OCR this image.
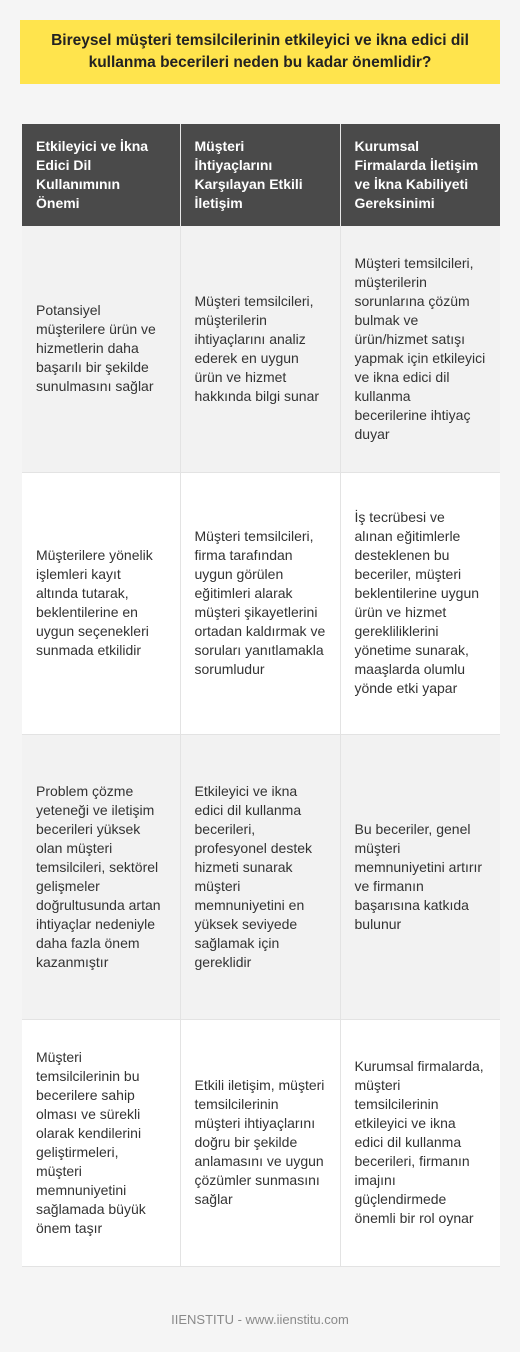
Bireysel müşteri temsilcilerinin etkileyici ve ikna edici dil kullanma becerileri neden bu kadar önemlidir?
Etkileyici ve İkna Edici Dil Kullanımının Önemi	Müşteri İhtiyaçlarını Karşılayan Etkili İletişim	Kurumsal Firmalarda İletişim ve İkna Kabiliyeti Gereksinimi
Potansiyel müşterilere ürün ve hizmetlerin daha başarılı bir şekilde sunulmasını sağlar	Müşteri temsilcileri, müşterilerin ihtiyaçlarını analiz ederek en uygun ürün ve hizmet hakkında bilgi sunar	Müşteri temsilcileri, müşterilerin sorunlarına çözüm bulmak ve ürün/hizmet satışı yapmak için etkileyici ve ikna edici dil kullanma becerilerine ihtiyaç duyar
Müşterilere yönelik işlemleri kayıt altında tutarak, beklentilerine en uygun seçenekleri sunmada etkilidir	Müşteri temsilcileri, firma tarafından uygun görülen eğitimleri alarak müşteri şikayetlerini ortadan kaldırmak ve soruları yanıtlamakla sorumludur	İş tecrübesi ve alınan eğitimlerle desteklenen bu beceriler, müşteri beklentilerine uygun ürün ve hizmet gerekliliklerini yönetime sunarak, maaşlarda olumlu yönde etki yapar
Problem çözme yeteneği ve iletişim becerileri yüksek olan müşteri temsilcileri, sektörel gelişmeler doğrultusunda artan ihtiyaçlar nedeniyle daha fazla önem kazanmıştır	Etkileyici ve ikna edici dil kullanma becerileri, profesyonel destek hizmeti sunarak müşteri memnuniyetini en yüksek seviyede sağlamak için gereklidir	Bu beceriler, genel müşteri memnuniyetini artırır ve firmanın başarısına katkıda bulunur
Müşteri temsilcilerinin bu becerilere sahip olması ve sürekli olarak kendilerini geliştirmeleri, müşteri memnuniyetini sağlamada büyük önem taşır	Etkili iletişim, müşteri temsilcilerinin müşteri ihtiyaçlarını doğru bir şekilde anlamasını ve uygun çözümler sunmasını sağlar	Kurumsal firmalarda, müşteri temsilcilerinin etkileyici ve ikna edici dil kullanma becerileri, firmanın imajını güçlendirmede önemli bir rol oynar
IIENSTITU - www.iienstitu.com
